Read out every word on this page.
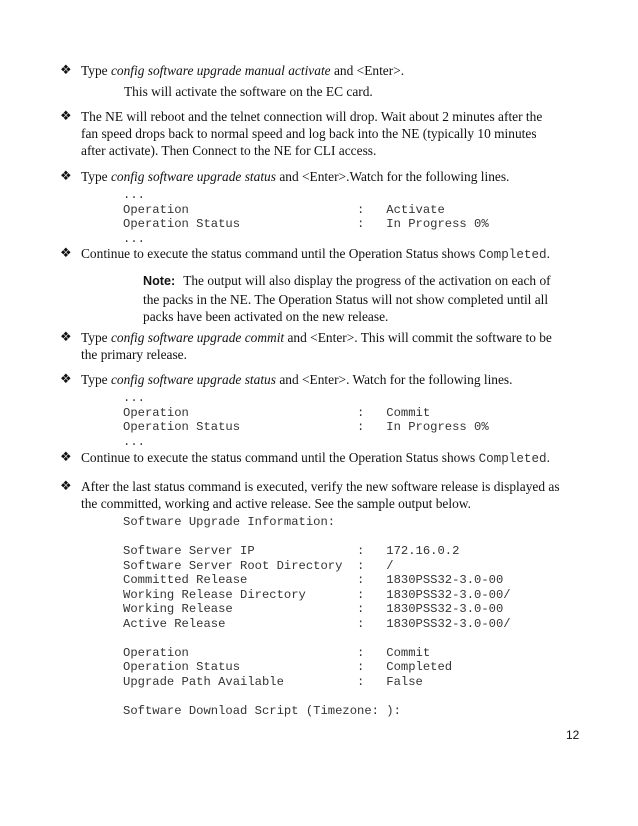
❖ Type config software upgrade manual activate and <Enter>.

This will activate the software on the EC card.

❖ The NE will reboot and the telnet connection will drop. Wait about 2 minutes after the fan speed drops back to normal speed and log back into the NE (typically 10 minutes after activate). Then Connect to the NE for CLI access.

❖ Type config software upgrade status and <Enter>.Watch for the following lines.

...
Operation                       :   Activate
Operation Status                :   In Progress 0%
...
❖ Continue to execute the status command until the Operation Status shows Completed.

Note: The output will also display the progress of the activation on each of the packs in the NE. The Operation Status will not show completed until all packs have been activated on the new release.

❖ Type config software upgrade commit and <Enter>. This will commit the software to be the primary release.

❖ Type config software upgrade status and <Enter>. Watch for the following lines.

...
Operation                       :   Commit
Operation Status                :   In Progress 0%
...
❖ Continue to execute the status command until the Operation Status shows Completed.

❖ After the last status command is executed, verify the new software release is displayed as the committed, working and active release. See the sample output below.

Software Upgrade Information:

Software Server IP              :   172.16.0.2
Software Server Root Directory  :   /
Committed Release               :   1830PSS32-3.0-00
Working Release Directory       :   1830PSS32-3.0-00/
Working Release                 :   1830PSS32-3.0-00
Active Release                  :   1830PSS32-3.0-00/

Operation                       :   Commit
Operation Status                :   Completed
Upgrade Path Available          :   False

Software Download Script (Timezone: ):
12
